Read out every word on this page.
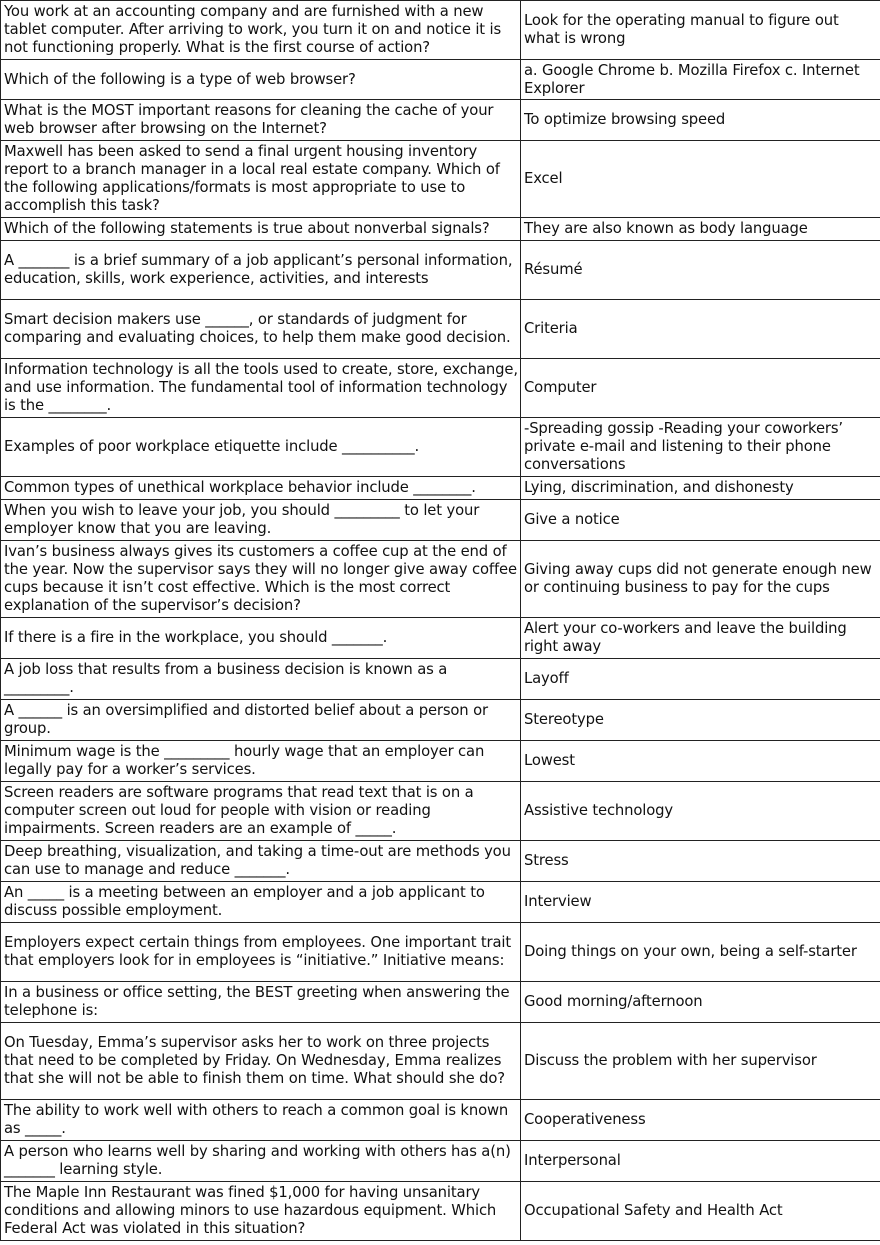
You work at an accounting company and are furnished with a new tablet computer. After arriving to work, you turn it on and notice it is not functioning properly. What is the first course of action?	Look for the operating manual to figure out what is wrong
Which of the following is a type of web browser?	a. Google Chrome b. Mozilla Firefox c. Internet Explorer
What is the MOST important reasons for cleaning the cache of your web browser after browsing on the Internet?	To optimize browsing speed
Maxwell has been asked to send a final urgent housing inventory report to a branch manager in a local real estate company. Which of the following applications/formats is most appropriate to use to accomplish this task?	Excel
Which of the following statements is true about nonverbal signals?	They are also known as body language
A _______ is a brief summary of a job applicant’s personal information, education, skills, work experience, activities, and interests	Résumé
Smart decision makers use ______, or standards of judgment for comparing and evaluating choices, to help them make good decision.	Criteria
Information technology is all the tools used to create, store, exchange, and use information. The fundamental tool of information technology is the ________.	Computer
Examples of poor workplace etiquette include __________.	-Spreading gossip -Reading your coworkers’ private e-mail and listening to their phone conversations
Common types of unethical workplace behavior include ________.	Lying, discrimination, and dishonesty
When you wish to leave your job, you should _________ to let your employer know that you are leaving.	Give a notice
Ivan’s business always gives its customers a coffee cup at the end of the year. Now the supervisor says they will no longer give away coffee cups because it isn’t cost effective. Which is the most correct explanation of the supervisor’s decision?	Giving away cups did not generate enough new or continuing business to pay for the cups
If there is a fire in the workplace, you should _______.	Alert your co-workers and leave the building right away
A job loss that results from a business decision is known as a _________.	Layoff
A ______ is an oversimplified and distorted belief about a person or group.	Stereotype
Minimum wage is the _________ hourly wage that an employer can legally pay for a worker’s services.	Lowest
Screen readers are software programs that read text that is on a computer screen out loud for people with vision or reading impairments. Screen readers are an example of _____.	Assistive technology
Deep breathing, visualization, and taking a time-out are methods you can use to manage and reduce _______.	Stress
An _____ is a meeting between an employer and a job applicant to discuss possible employment.	Interview
Employers expect certain things from employees. One important trait that employers look for in employees is “initiative.” Initiative means:	Doing things on your own, being a self-starter
In a business or office setting, the BEST greeting when answering the telephone is:	Good morning/afternoon
On Tuesday, Emma’s supervisor asks her to work on three projects that need to be completed by Friday. On Wednesday, Emma realizes that she will not be able to finish them on time. What should she do?	Discuss the problem with her supervisor
The ability to work well with others to reach a common goal is known as _____.	Cooperativeness
A person who learns well by sharing and working with others has a(n) _______ learning style.	Interpersonal
The Maple Inn Restaurant was fined $1,000 for having unsanitary conditions and allowing minors to use hazardous equipment. Which Federal Act was violated in this situation?	Occupational Safety and Health Act
